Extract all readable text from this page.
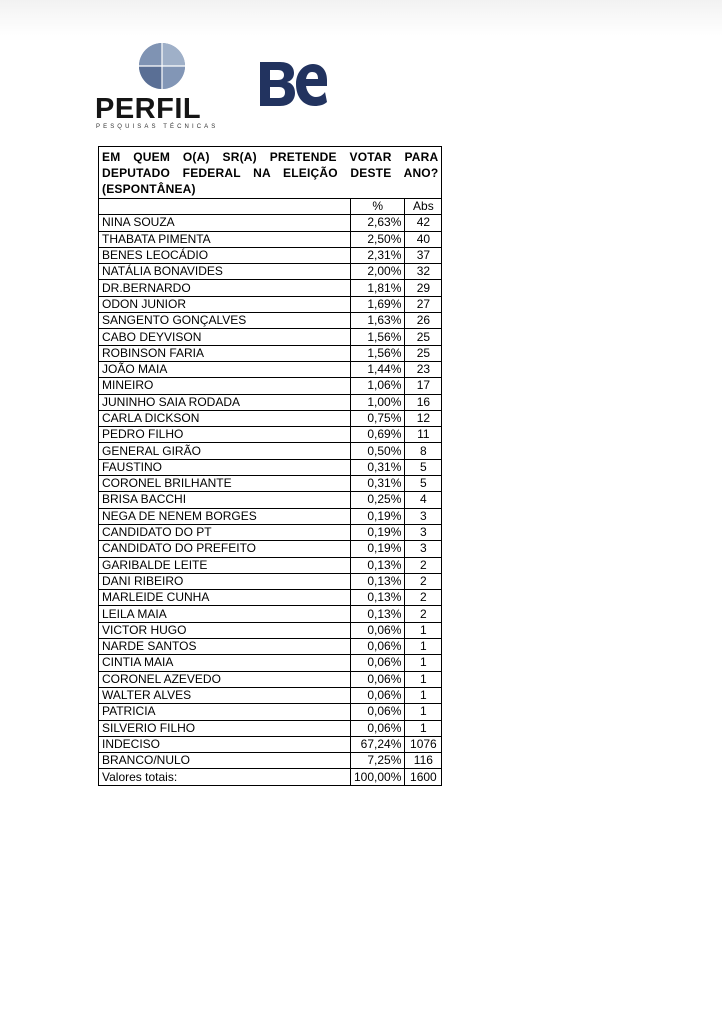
PERFIL
PESQUISAS TÉCNICAS
EM QUEM O(A) SR(A) PRETENDE VOTAR PARA DEPUTADO FEDERAL NA ELEIÇÃO DESTE ANO? (ESPONTÂNEA)		
	%	Abs
NINA SOUZA	2,63%	42
THABATA PIMENTA	2,50%	40
BENES LEOCÁDIO	2,31%	37
NATÁLIA BONAVIDES	2,00%	32
DR.BERNARDO	1,81%	29
ODON JUNIOR	1,69%	27
SANGENTO GONÇALVES	1,63%	26
CABO DEYVISON	1,56%	25
ROBINSON FARIA	1,56%	25
JOÃO MAIA	1,44%	23
MINEIRO	1,06%	17
JUNINHO SAIA RODADA	1,00%	16
CARLA DICKSON	0,75%	12
PEDRO FILHO	0,69%	11
GENERAL GIRÃO	0,50%	8
FAUSTINO	0,31%	5
CORONEL BRILHANTE	0,31%	5
BRISA BACCHI	0,25%	4
NEGA DE NENEM BORGES	0,19%	3
CANDIDATO DO PT	0,19%	3
CANDIDATO DO PREFEITO	0,19%	3
GARIBALDE LEITE	0,13%	2
DANI RIBEIRO	0,13%	2
MARLEIDE CUNHA	0,13%	2
LEILA MAIA	0,13%	2
VICTOR HUGO	0,06%	1
NARDE SANTOS	0,06%	1
CINTIA MAIA	0,06%	1
CORONEL AZEVEDO	0,06%	1
WALTER ALVES	0,06%	1
PATRICIA	0,06%	1
SILVERIO FILHO	0,06%	1
INDECISO	67,24%	1076
BRANCO/NULO	7,25%	116
Valores totais:	100,00%	1600
